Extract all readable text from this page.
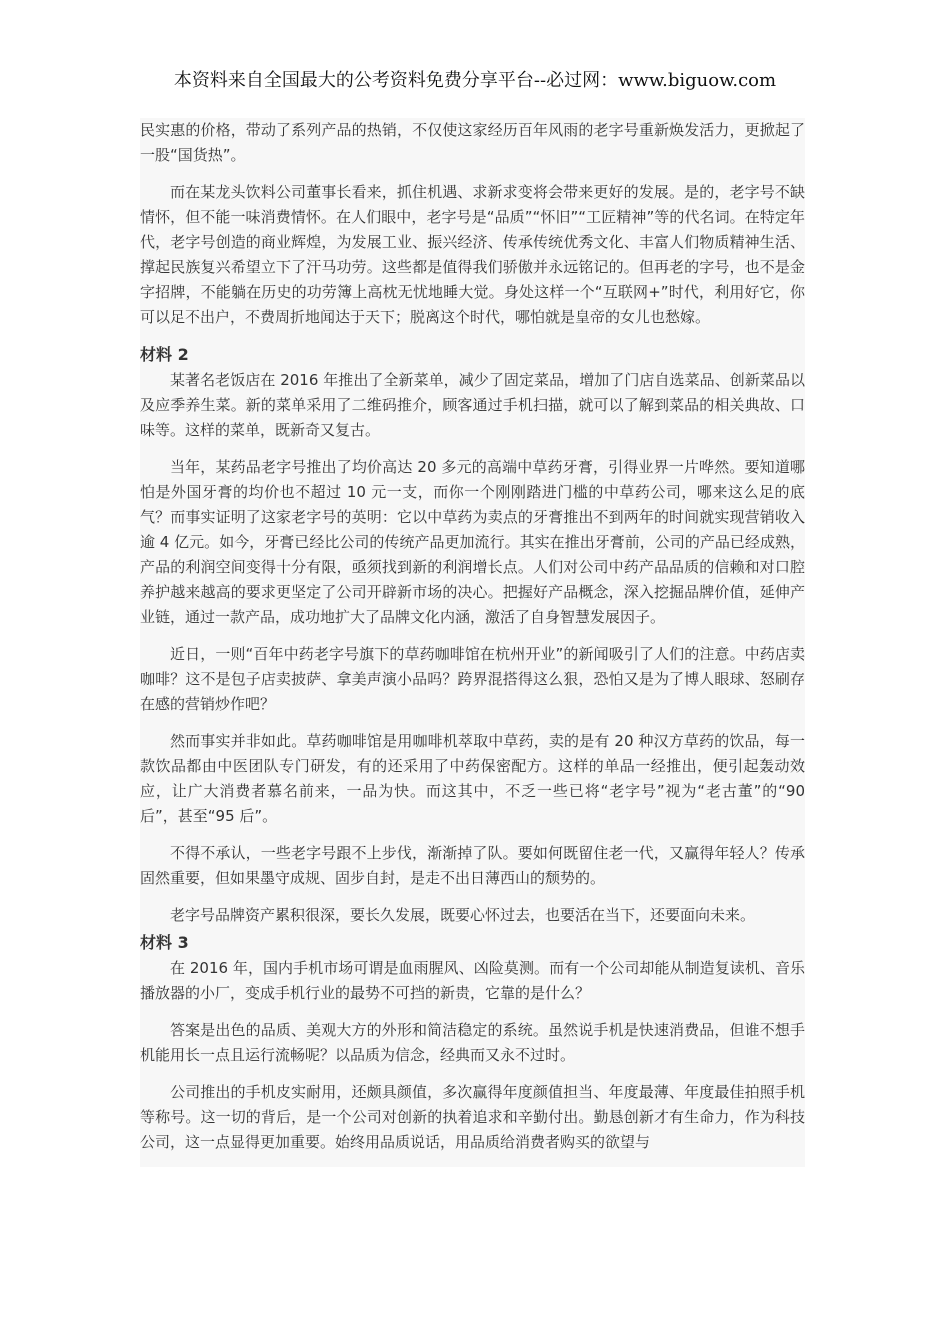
本资料来自全国最大的公考资料免费分享平台--必过网：www.biguow.com

民实惠的价格，带动了系列产品的热销，不仅使这家经历百年风雨的老字号重新焕发活力，更掀起了一股“国货热”。

而在某龙头饮料公司董事长看来，抓住机遇、求新求变将会带来更好的发展。是的，老字号不缺情怀，但不能一味消费情怀。在人们眼中，老字号是“品质”“怀旧”“工匠精神”等的代名词。在特定年代，老字号创造的商业辉煌，为发展工业、振兴经济、传承传统优秀文化、丰富人们物质精神生活、撑起民族复兴希望立下了汗马功劳。这些都是值得我们骄傲并永远铭记的。但再老的字号，也不是金字招牌，不能躺在历史的功劳簿上高枕无忧地睡大觉。身处这样一个“互联网+”时代，利用好它，你可以足不出户，不费周折地闻达于天下；脱离这个时代，哪怕就是皇帝的女儿也愁嫁。

材料 2

某著名老饭店在 2016 年推出了全新菜单，减少了固定菜品，增加了门店自选菜品、创新菜品以及应季养生菜。新的菜单采用了二维码推介，顾客通过手机扫描，就可以了解到菜品的相关典故、口味等。这样的菜单，既新奇又复古。

当年，某药品老字号推出了均价高达 20 多元的高端中草药牙膏，引得业界一片哗然。要知道哪怕是外国牙膏的均价也不超过 10 元一支，而你一个刚刚踏进门槛的中草药公司，哪来这么足的底气？而事实证明了这家老字号的英明：它以中草药为卖点的牙膏推出不到两年的时间就实现营销收入逾 4 亿元。如今，牙膏已经比公司的传统产品更加流行。其实在推出牙膏前，公司的产品已经成熟，产品的利润空间变得十分有限，亟须找到新的利润增长点。人们对公司中药产品品质的信赖和对口腔养护越来越高的要求更坚定了公司开辟新市场的决心。把握好产品概念，深入挖掘品牌价值，延伸产业链，通过一款产品，成功地扩大了品牌文化内涵，激活了自身智慧发展因子。

近日，一则“百年中药老字号旗下的草药咖啡馆在杭州开业”的新闻吸引了人们的注意。中药店卖咖啡？这不是包子店卖披萨、拿美声演小品吗？跨界混搭得这么狠，恐怕又是为了博人眼球、怒刷存在感的营销炒作吧？

然而事实并非如此。草药咖啡馆是用咖啡机萃取中草药，卖的是有 20 种汉方草药的饮品，每一款饮品都由中医团队专门研发，有的还采用了中药保密配方。这样的单品一经推出，便引起轰动效应，让广大消费者慕名前来，一品为快。而这其中，不乏一些已将“老字号”视为“老古董”的“90 后”，甚至“95 后”。

不得不承认，一些老字号跟不上步伐，渐渐掉了队。要如何既留住老一代，又赢得年轻人？传承固然重要，但如果墨守成规、固步自封，是走不出日薄西山的颓势的。

老字号品牌资产累积很深，要长久发展，既要心怀过去，也要活在当下，还要面向未来。

材料 3

在 2016 年，国内手机市场可谓是血雨腥风、凶险莫测。而有一个公司却能从制造复读机、音乐播放器的小厂，变成手机行业的最势不可挡的新贵，它靠的是什么？

答案是出色的品质、美观大方的外形和简洁稳定的系统。虽然说手机是快速消费品，但谁不想手机能用长一点且运行流畅呢？以品质为信念，经典而又永不过时。

公司推出的手机皮实耐用，还颇具颜值，多次赢得年度颜值担当、年度最薄、年度最佳拍照手机等称号。这一切的背后，是一个公司对创新的执着追求和辛勤付出。勤恳创新才有生命力，作为科技公司，这一点显得更加重要。始终用品质说话，用品质给消费者购买的欲望与
